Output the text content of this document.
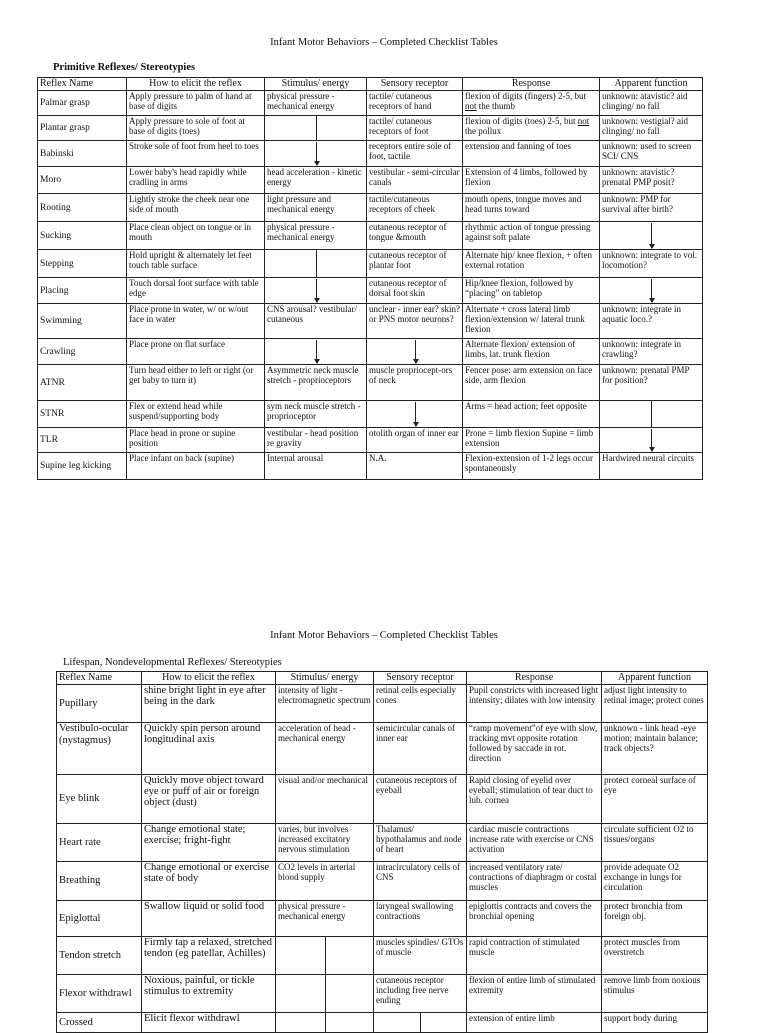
Infant Motor Behaviors – Completed Checklist Tables
Primitive Reflexes/ Stereotypies
Reflex Name	How to elicit the reflex	Stimulus/ energy	Sensory receptor	Response	Apparent function
Palmar grasp	Apply pressure to palm of hand at base of digits	physical pressure - mechanical energy	tactile/ cutaneous receptors of hand	flexion of digits (fingers) 2-5, but not the thumb	unknown: atavistic? aid clinging/ no fall
Plantar grasp	Apply pressure to sole of foot at base of digits (toes)		tactile/ cutaneous receptors of foot	flexion of digits (toes) 2-5, but not the pollux	unknown: vestigial? aid clinging/ no fall
Babinski	Stroke sole of foot from heel to toes		receptors entire sole of foot, tactile	extension and fanning of toes	unknown: used to screen SCI/ CNS
Moro	Lower baby's head rapidly while cradling in arms	head acceleration - kinetic energy	vestibular - semi-circular canals	Extension of 4 limbs, followed by flexion	unknown: atavistic? prenatal PMP posit?
Rooting	Lightly stroke the cheek near one side of mouth	light pressure and mechanical energy	tactile/cutaneous receptors of cheek	mouth opens, tongue moves and head turns toward	unknown: PMP for survival after birth?
Sucking	Place clean object on tongue or in mouth	physical pressure - mechanical energy	cutaneous receptor of tongue &mouth	rhythmic action of tongue pressing against soft palate	

Stepping	Hold upright & alternately let feet touch table surface		cutaneous receptor of plantar foot	Alternate hip/ knee flexion, + often external rotation	unknown: integrate to vol. locomotion?
Placing	Touch dorsal foot surface with table edge		cutaneous receptor of dorsal foot skin	Hip/knee flexion, followed by “placing” on tabletop	

Swimming	Place prone in water, w/ or w/out face in water	CNS arousal? vestibular/ cutaneous	unclear - inner ear? skin? or PNS motor neurons?	Alternate + cross lateral limb flexion/extension w/ lateral trunk flexion	unknown: integrate in aquatic loco.?
Crawling	Place prone on flat surface			Alternate flexion/ extension of limbs, lat. trunk flexion	unknown: integrate in crawling?
ATNR	Turn head either to left or right (or get baby to turn it)	Asymmetric neck muscle stretch - proprioceptors	muscle propriocept-ors of neck	Fencer pose: arm extension on face side, arm flexion	unknown: prenatal PMP for position?
STNR	Flex or extend head while suspend/supporting body	sym neck muscle stretch - proprioceptor		Arms = head action; feet opposite	

TLR	Place head in prone or supine position	vestibular - head position re gravity	otolith organ of inner ear	Prone = limb flexion Supine = limb extension	

Supine leg kicking	Place infant on back (supine)	Internal arousal	N.A.	Flexion-extension of 1-2 legs occur spontaneously	Hardwired neural circuits
Infant Motor Behaviors – Completed Checklist Tables
Lifespan, Nondevelopmental Reflexes/ Stereotypies
Reflex Name	How to elicit the reflex	Stimulus/ energy	Sensory receptor	Response	Apparent function
Pupillary	shine bright light in eye after being in the dark	intensity of light - electromagnetic spectrum	retinal cells especially cones	Pupil constricts with increased light intensity; dilates with low intensity	adjust light intensity to retinal image; protect cones
Vestibulo-ocular (nystagmus)	Quickly spin person around longitudinal axis	acceleration of head - mechanical energy	semicircular canals of inner ear	“ramp movement”of eye with slow, tracking mvt opposite rotation followed by saccade in rot. direction	unknown - link head -eye motion; maintain balance; track objects?
Eye blink	Quickly move object toward eye or puff of air or foreign object (dust)	visual and/or mechanical	cutaneous receptors of eyeball	Rapid closing of eyelid over eyeball; stimulation of tear duct to lub. cornea	protect corneal surface of eye
Heart rate	Change emotional state; exercise; fright-fight	varies, but involves increased excitatory nervous stimulation	Thalamus/ hypothalamus and node of heart	cardiac muscle contractions increase rate with exercise or CNS activation	circulate sufficient O2 to tissues/organs
Breathing	Change emotional or exercise state of body	CO2 levels in arterial blood supply	intracirculatory cells of CNS	increased ventilatory rate/ contractions of diaphragm or costal muscles	provide adequate O2 exchange in lungs for circulation
Epiglottal	Swallow liquid or solid food	physical pressure - mechanical energy	laryngeal swallowing contractions	epiglottis contracts and covers the bronchial opening	protect bronchia from foreign obj.
Tendon stretch	Firmly tap a relaxed, stretched tendon (eg patellar, Achilles)		muscles spindles/ GTOs of muscle	rapid contraction of stimulated muscle	protect muscles from overstretch
Flexor withdrawl	Noxious, painful, or tickle stimulus to extremity		cutaneous receptor including free nerve ending	flexion of entire limb of stimulated extremity	remove limb from noxious stimulus
Crossed	Elicit flexor withdrawl			extension of entire limb	support body during
